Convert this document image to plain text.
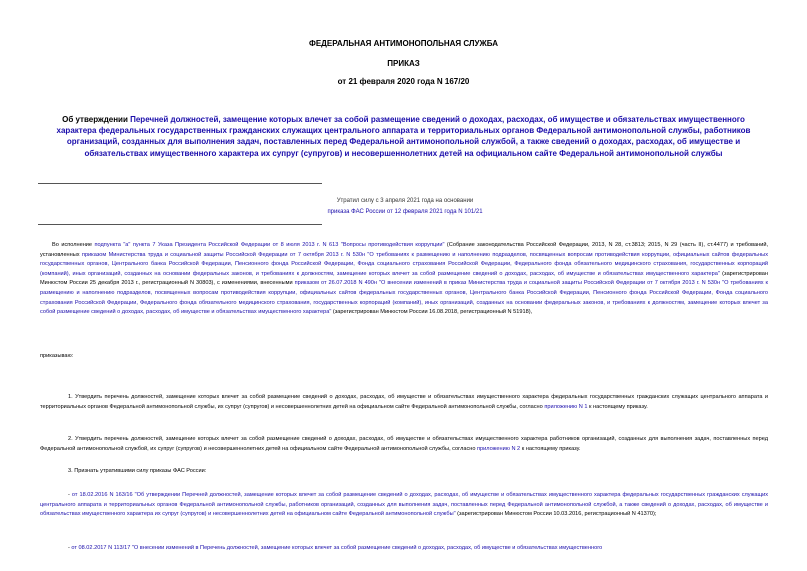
ФЕДЕРАЛЬНАЯ АНТИМОНОПОЛЬНАЯ СЛУЖБА
ПРИКАЗ
от 21 февраля 2020 года N 167/20
Об утверждении Перечней должностей, замещение которых влечет за собой размещение сведений о доходах, расходах, об имуществе и обязательствах имущественного характера федеральных государственных гражданских служащих центрального аппарата и территориальных органов Федеральной антимонопольной службы, работников организаций, созданных для выполнения задач, поставленных перед Федеральной антимонопольной службой, а также сведений о доходах, расходах, об имуществе и обязательствах имущественного характера их супруг (супругов) и несовершеннолетних детей на официальном сайте Федеральной антимонопольной службы
Утратил силу с 3 апреля 2021 года на основании
приказа ФАС России от 12 февраля 2021 года N 101/21
Во исполнение подпункта "а" пункта 7 Указа Президента Российской Федерации от 8 июля 2013 г. N 613 "Вопросы противодействия коррупции" (Собрание законодательства Российской Федерации, 2013, N 28, ст.3813; 2015, N 29 (часть II), ст.4477) и требований, установленных приказом Министерства труда и социальной защиты Российской Федерации от 7 октября 2013 г. N 530н "О требованиях к размещению и наполнению подразделов, посвященных вопросам противодействия коррупции, официальных сайтов федеральных государственных органов, Центрального банка Российской Федерации, Пенсионного фонда Российской Федерации, Фонда социального страхования Российской Федерации, Федерального фонда обязательного медицинского страхования, государственных корпораций (компаний), иных организаций, созданных на основании федеральных законов, и требованиях к должностям, замещение которых влечет за собой размещение сведений о доходах, расходах, об имуществе и обязательствах имущественного характера" (зарегистрирован Минюстом России 25 декабря 2013 г., регистрационный N 30803), с изменениями, внесенными приказом от 26.07.2018 N 490н "О внесении изменений в приказ Министерства труда и социальной защиты Российской Федерации от 7 октября 2013 г. N 530н "О требованиях к размещению и наполнению подразделов, посвященных вопросам противодействия коррупции, официальных сайтов федеральных государственных органов, Центрального банка Российской Федерации, Пенсионного фонда Российской Федерации, Фонда социального страхования Российской Федерации, Федерального фонда обязательного медицинского страхования, государственных корпораций (компаний), иных организаций, созданных на основании федеральных законов, и требованиях к должностям, замещение которых влечет за собой размещение сведений о доходах, расходах, об имуществе и обязательствах имущественного характера" (зарегистрирован Минюстом России 16.08.2018, регистрационный N 51918),
приказываю:
1. Утвердить перечень должностей, замещение которых влечет за собой размещение сведений о доходах, расходах, об имуществе и обязательствах имущественного характера федеральных государственных гражданских служащих центрального аппарата и территориальных органов Федеральной антимонопольной службы, их супруг (супругов) и несовершеннолетних детей на официальном сайте Федеральной антимонопольной службы, согласно приложению N 1 к настоящему приказу.
2. Утвердить перечень должностей, замещение которых влечет за собой размещение сведений о доходах, расходах, об имуществе и обязательствах имущественного характера работников организаций, созданных для выполнения задач, поставленных перед Федеральной антимонопольной службой, их супруг (супругов) и несовершеннолетних детей на официальном сайте Федеральной антимонопольной службы, согласно приложению N 2 к настоящему приказу.
3. Признать утратившими силу приказы ФАС России:
- от 18.02.2016 N 163/16 "Об утверждении Перечней должностей, замещение которых влечет за собой размещение сведений о доходах, расходах, об имуществе и обязательствах имущественного характера федеральных государственных гражданских служащих центрального аппарата и территориальных органов Федеральной антимонопольной службы, работников организаций, созданных для выполнения задач, поставленных перед Федеральной антимонопольной службой, а также сведений о доходах, расходах, об имуществе и обязательствах имущественного характера их супруг (супругов) и несовершеннолетних детей на официальном сайте Федеральной антимонопольной службы" (зарегистрирован Минюстом России 10.03.2016, регистрационный N 41370);
- от 08.02.2017 N 113/17 "О внесении изменений в Перечень должностей, замещение которых влечет за собой размещение сведений о доходах, расходах, об имуществе и обязательствах имущественного
